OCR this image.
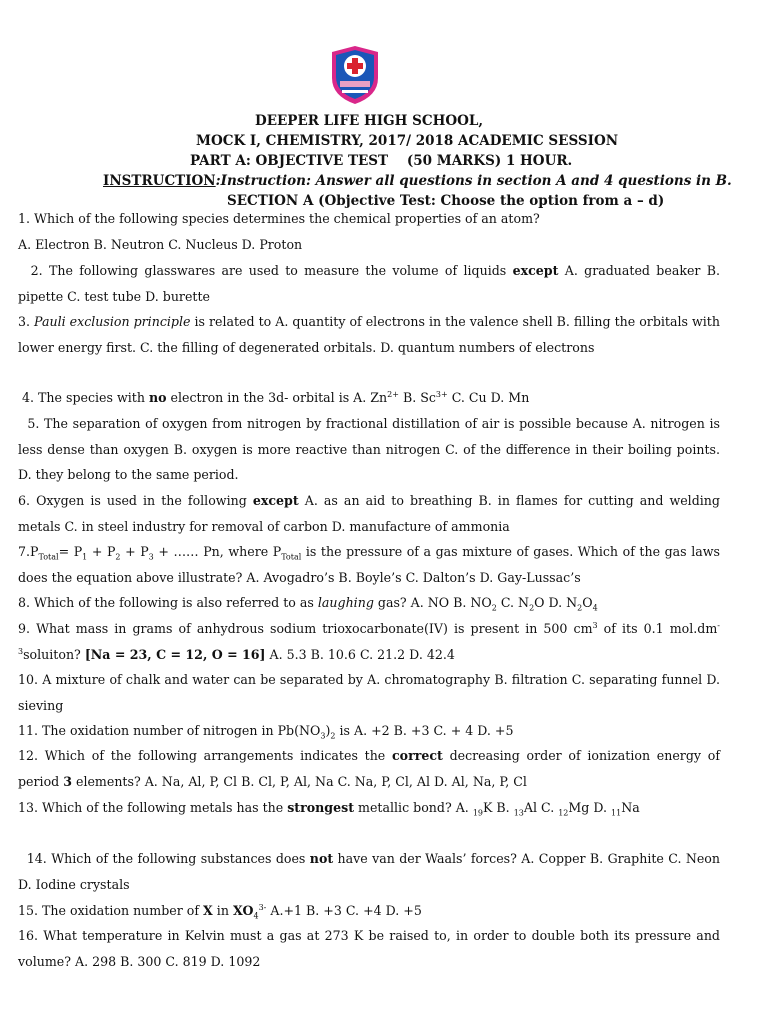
DEEPER LIFE HIGH SCHOOL,
MOCK I, CHEMISTRY, 2017/ 2018 ACADEMIC SESSION
PART A: OBJECTIVE TEST    (50 MARKS) 1 HOUR.
INSTRUCTION:Instruction: Answer all questions in section A and 4 questions in B.
SECTION A (Objective Test: Choose the option from a – d)

1. Which of the following species determines the chemical properties of an atom?

A. Electron B. Neutron C. Nucleus D. Proton

2. The following glasswares are used to measure the volume of liquids except A. graduated beaker B. pipette C. test tube D. burette

3. Pauli exclusion principle is related to A. quantity of electrons in the valence shell B. filling the orbitals with lower energy first. C. the filling of degenerated orbitals. D. quantum numbers of electrons

4. The species with no electron in the 3d- orbital is A. $Zn^{2+}$ B. $Sc^{3+}$ C. Cu D. Mn

5. The separation of oxygen from nitrogen by fractional distillation of air is possible because A. nitrogen is less dense than oxygen B. oxygen is more reactive than nitrogen C. of the difference in their boiling points. D. they belong to the same period.

6. Oxygen is used in the following except A. as an aid to breathing B. in flames for cutting and welding metals C. in steel industry for removal of carbon D. manufacture of ammonia

$7.P_{Total}= P_1 + P_2 + P_3$ + …… Pn, where $P_{Total}$ is the pressure of a gas mixture of gases. Which of the gas laws does the equation above illustrate? A. Avogadro’s B. Boyle’s C. Dalton’s D. Gay-Lussac’s

8. Which of the following is also referred to as laughing gas? A. NO B. $NO_2$ C. $N_2O$ D. $N_2O_4$

9. What mass in grams of anhydrous sodium trioxocarbonate(IV) is present in 500 $cm^3$ of its 0.1 $mol.dm^{-3}soluiton$? [Na = 23, C = 12, O = 16] A. 5.3 B. 10.6 C. 21.2 D. 42.4

10. A mixture of chalk and water can be separated by A. chromatography B. filtration C. separating funnel D. sieving

11. The oxidation number of nitrogen in $Pb(NO_3)_2$ is A. +2 B. +3 C. + 4 D. +5

12. Which of the following arrangements indicates the correct decreasing order of ionization energy of period 3 elements? A. Na, Al, P, Cl B. Cl, P, Al, Na C. Na, P, Cl, Al D. Al, Na, P, Cl

13. Which of the following metals has the strongest metallic bond? A. $_{19}$K B. $_{13}$Al C. $_{12}$Mg D. $_{11}$Na

14. Which of the following substances does not have van der Waals’ forces? A. Copper B. Graphite C. Neon D. Iodine crystals

15. The oxidation number of X in $XO_4^{3-}$ A.+1 B. +3 C. +4 D. +5

16. What temperature in Kelvin must a gas at 273 K be raised to, in order to double both its pressure and volume? A. 298 B. 300 C. 819 D. 1092
